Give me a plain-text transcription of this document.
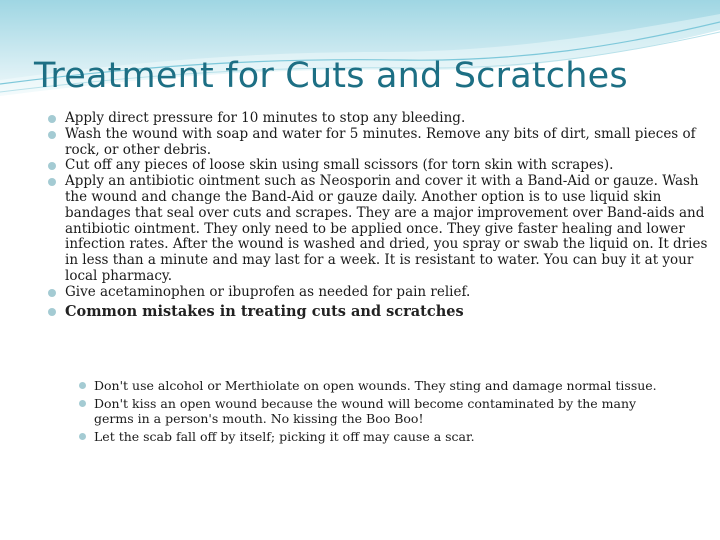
Treatment for Cuts and Scratches
Apply direct pressure for 10 minutes to stop any bleeding.
Wash the wound with soap and water for 5 minutes. Remove any bits of dirt, small pieces of rock, or other debris.
Cut off any pieces of loose skin using small scissors (for torn skin with scrapes).
Apply an antibiotic ointment such as Neosporin and cover it with a Band-Aid or gauze. Wash the wound and change the Band-Aid or gauze daily. Another option is to use liquid skin bandages that seal over cuts and scrapes. They are a major improvement over Band-aids and antibiotic ointment. They only need to be applied once. They give faster healing and lower infection rates. After the wound is washed and dried, you spray or swab the liquid on. It dries in less than a minute and may last for a week. It is resistant to water. You can buy it at your local pharmacy.
Give acetaminophen or ibuprofen as needed for pain relief.
Common mistakes in treating cuts and scratches
Don't use alcohol or Merthiolate on open wounds. They sting and damage normal tissue.
Don't kiss an open wound because the wound will become contaminated by the many germs in a person's mouth. No kissing the Boo Boo!
Let the scab fall off by itself; picking it off may cause a scar.
